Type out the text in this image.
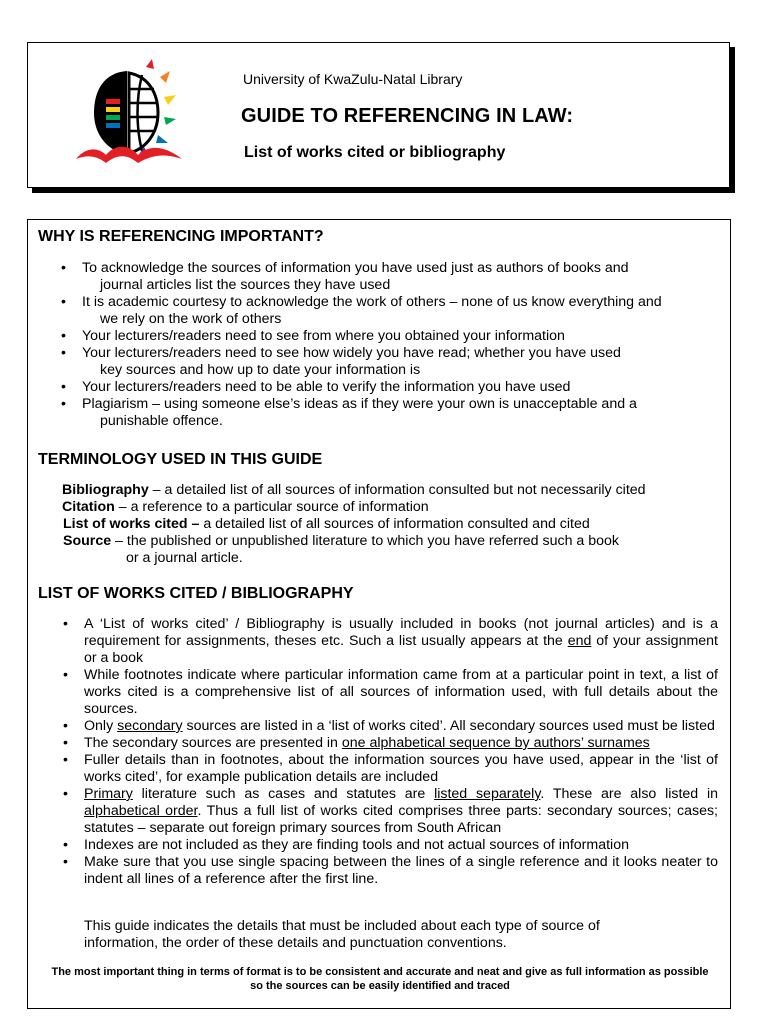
University of KwaZulu-Natal Library
GUIDE TO REFERENCING IN LAW:
List of works cited or bibliography
WHY IS REFERENCING IMPORTANT?
• To acknowledge the sources of information you have used just as authors of books and
journal articles list the sources they have used
• It is academic courtesy to acknowledge the work of others – none of us know everything and
we rely on the work of others
• Your lecturers/readers need to see from where you obtained your information
• Your lecturers/readers need to see how widely you have read; whether you have used
key sources and how up to date your information is
• Your lecturers/readers need to be able to verify the information you have used
• Plagiarism – using someone else’s ideas as if they were your own is unacceptable and a
punishable offence.
TERMINOLOGY USED IN THIS GUIDE

Bibliography – a detailed list of all sources of information consulted but not necessarily cited

Citation – a reference to a particular source of information

List of works cited – a detailed list of all sources of information consulted and cited

Source – the published or unpublished literature to which you have referred such a book

or a journal article.

LIST OF WORKS CITED / BIBLIOGRAPHY
• A ‘List of works cited’ / Bibliography is usually included in books (not journal articles) and is a requirement for assignments, theses etc. Such a list usually appears at the end of your assignment or a book
• While footnotes indicate where particular information came from at a particular point in text, a list of works cited is a comprehensive list of all sources of information used, with full details about the sources.
• Only secondary sources are listed in a ‘list of works cited’. All secondary sources used must be listed
• The secondary sources are presented in one alphabetical sequence by authors’ surnames
• Fuller details than in footnotes, about the information sources you have used, appear in the ‘list of works cited’, for example publication details are included
• Primary literature such as cases and statutes are listed separately. These are also listed in alphabetical order. Thus a full list of works cited comprises three parts: secondary sources; cases; statutes – separate out foreign primary sources from South African
• Indexes are not included as they are finding tools and not actual sources of information
• Make sure that you use single spacing between the lines of a single reference and it looks neater to indent all lines of a reference after the first line.
This guide indicates the details that must be included about each type of source of information, the order of these details and punctuation conventions.
The most important thing in terms of format is to be consistent and accurate and neat and give as full information as possible so the sources can be easily identified and traced
